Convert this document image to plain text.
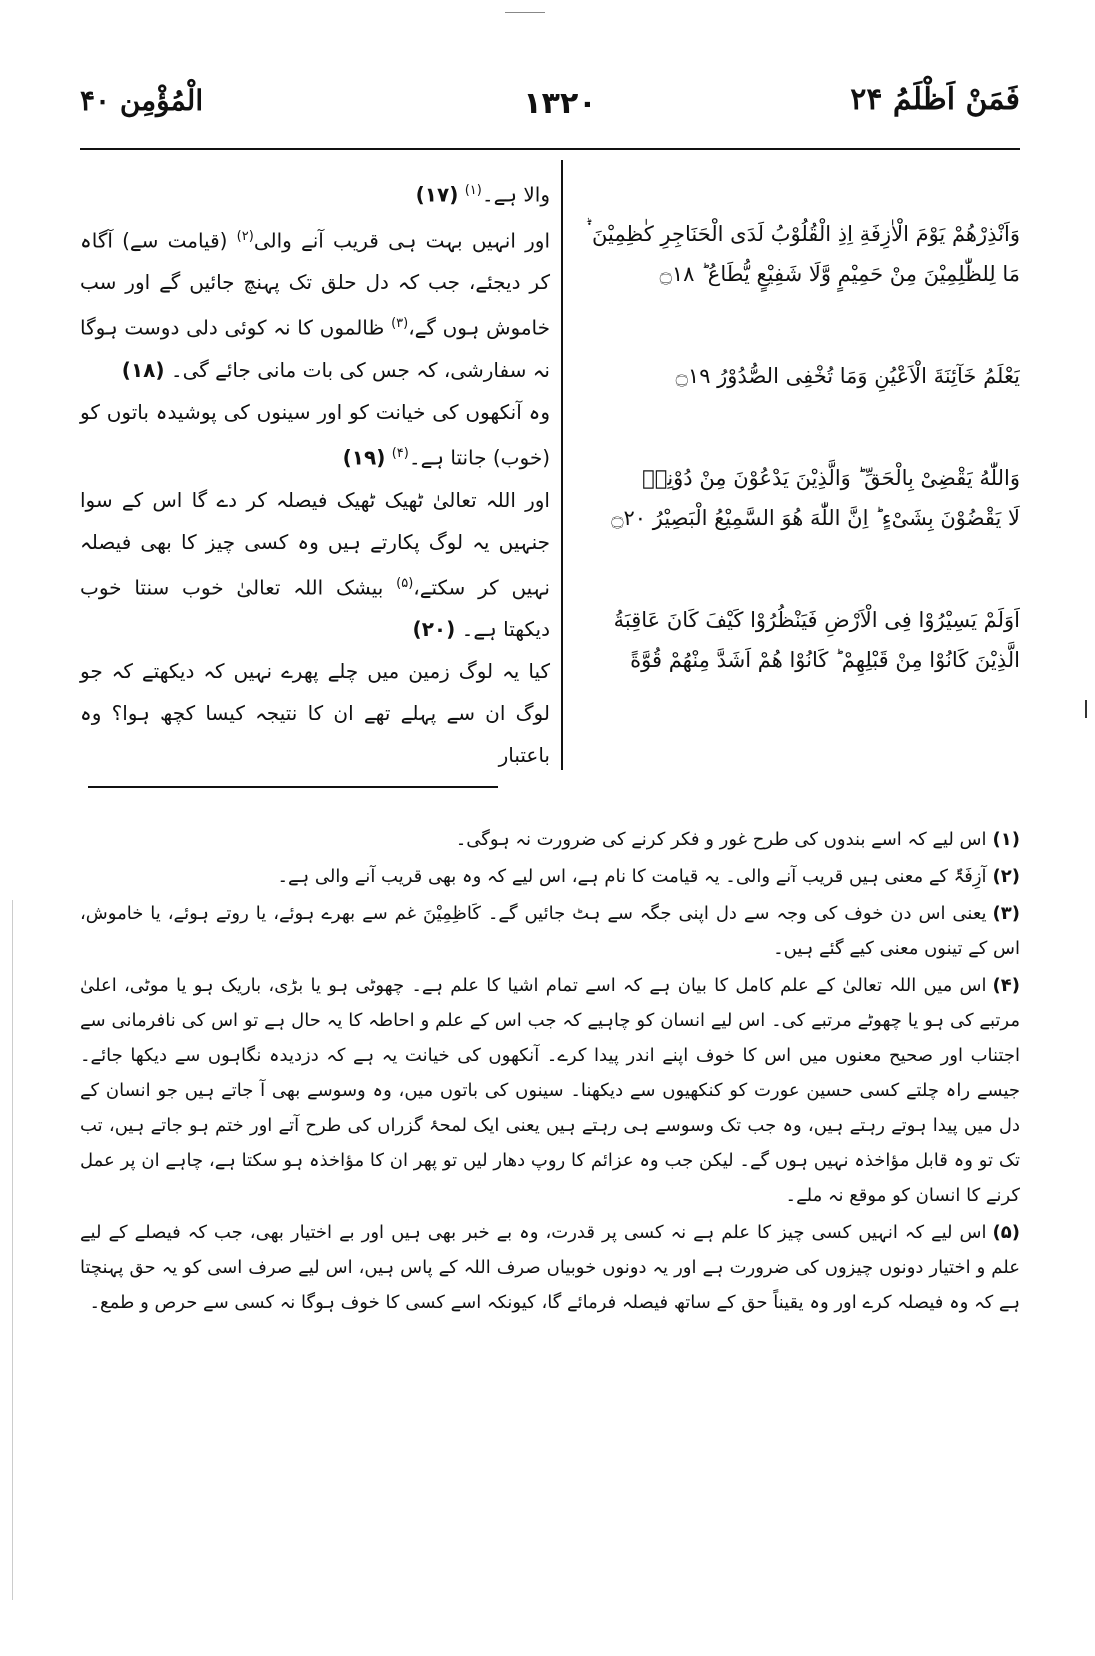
فَمَنْ اَظْلَمُ ۲۴
۱۳۲۰
الْمُؤْمِن ۴۰

والا ہے۔$^{(۱)}$ (۱۷)

اور انہیں بہت ہی قریب آنے والی$^{(۲)}$ (قیامت سے) آگاہ کر دیجئے، جب کہ دل حلق تک پہنچ جائیں گے اور سب خاموش ہوں گے،$^{(۳)}$ ظالموں کا نہ کوئی دلی دوست ہوگا نہ سفارشی، کہ جس کی بات مانی جائے گی۔ (۱۸)

وہ آنکھوں کی خیانت کو اور سینوں کی پوشیدہ باتوں کو (خوب) جانتا ہے۔$^{(۴)}$ (۱۹)

اور اللہ تعالیٰ ٹھیک ٹھیک فیصلہ کر دے گا اس کے سوا جنہیں یہ لوگ پکارتے ہیں وہ کسی چیز کا بھی فیصلہ نہیں کر سکتے،$^{(۵)}$ بیشک اللہ تعالیٰ خوب سنتا خوب دیکھتا ہے۔ (۲۰)

کیا یہ لوگ زمین میں چلے پھرے نہیں کہ دیکھتے کہ جو لوگ ان سے پہلے تھے ان کا نتیجہ کیسا کچھ ہوا؟ وہ باعتبار

وَاَنْذِرْهُمْ يَوْمَ الْاٰزِفَةِ اِذِ الْقُلُوْبُ لَدَى الْحَنَاجِرِ كٰظِمِيْنَ ۬ؕ
مَا لِلظّٰلِمِيْنَ مِنْ حَمِيْمٍ وَّلَا شَفِيْعٍ يُّطَاعُ ؕ ۝١٨
يَعْلَمُ خَآئِنَةَ الْاَعْيُنِ وَمَا تُخْفِى الصُّدُوْرُ ۝١٩
وَاللّٰهُ يَقْضِىْ بِالْحَقِّ ؕ وَالَّذِيْنَ يَدْعُوْنَ مِنْ دُوْنِهٖ
لَا يَقْضُوْنَ بِشَىْءٍ ؕ اِنَّ اللّٰهَ هُوَ السَّمِيْعُ الْبَصِيْرُ ۝٢٠
اَوَلَمْ يَسِيْرُوْا فِى الْاَرْضِ فَيَنْظُرُوْا كَيْفَ كَانَ عَاقِبَةُ
الَّذِيْنَ كَانُوْا مِنْ قَبْلِهِمْ ؕ كَانُوْا هُمْ اَشَدَّ مِنْهُمْ قُوَّةً

(۱)اس لیے کہ اسے بندوں کی طرح غور و فکر کرنے کی ضرورت نہ ہوگی۔

(۲)آزِفَۃٌ کے معنی ہیں قریب آنے والی۔ یہ قیامت کا نام ہے، اس لیے کہ وہ بھی قریب آنے والی ہے۔

(۳)یعنی اس دن خوف کی وجہ سے دل اپنی جگہ سے ہٹ جائیں گے۔ کَاظِمِیْنَ غم سے بھرے ہوئے، یا روتے ہوئے، یا خاموش، اس کے تینوں معنی کیے گئے ہیں۔

(۴)اس میں اللہ تعالیٰ کے علم کامل کا بیان ہے کہ اسے تمام اشیا کا علم ہے۔ چھوٹی ہو یا بڑی، باریک ہو یا موٹی، اعلیٰ مرتبے کی ہو یا چھوٹے مرتبے کی۔ اس لیے انسان کو چاہیے کہ جب اس کے علم و احاطہ کا یہ حال ہے تو اس کی نافرمانی سے اجتناب اور صحیح معنوں میں اس کا خوف اپنے اندر پیدا کرے۔ آنکھوں کی خیانت یہ ہے کہ دزدیدہ نگاہوں سے دیکھا جائے۔ جیسے راہ چلتے کسی حسین عورت کو کنکھیوں سے دیکھنا۔ سینوں کی باتوں میں، وہ وسوسے بھی آ جاتے ہیں جو انسان کے دل میں پیدا ہوتے رہتے ہیں، وہ جب تک وسوسے ہی رہتے ہیں یعنی ایک لمحۂ گزراں کی طرح آتے اور ختم ہو جاتے ہیں، تب تک تو وہ قابل مؤاخذہ نہیں ہوں گے۔ لیکن جب وہ عزائم کا روپ دھار لیں تو پھر ان کا مؤاخذہ ہو سکتا ہے، چاہے ان پر عمل کرنے کا انسان کو موقع نہ ملے۔

(۵)اس لیے کہ انہیں کسی چیز کا علم ہے نہ کسی پر قدرت، وہ بے خبر بھی ہیں اور بے اختیار بھی، جب کہ فیصلے کے لیے علم و اختیار دونوں چیزوں کی ضرورت ہے اور یہ دونوں خوبیاں صرف اللہ کے پاس ہیں، اس لیے صرف اسی کو یہ حق پہنچتا ہے کہ وہ فیصلہ کرے اور وہ یقیناً حق کے ساتھ فیصلہ فرمائے گا، کیونکہ اسے کسی کا خوف ہوگا نہ کسی سے حرص و طمع۔
